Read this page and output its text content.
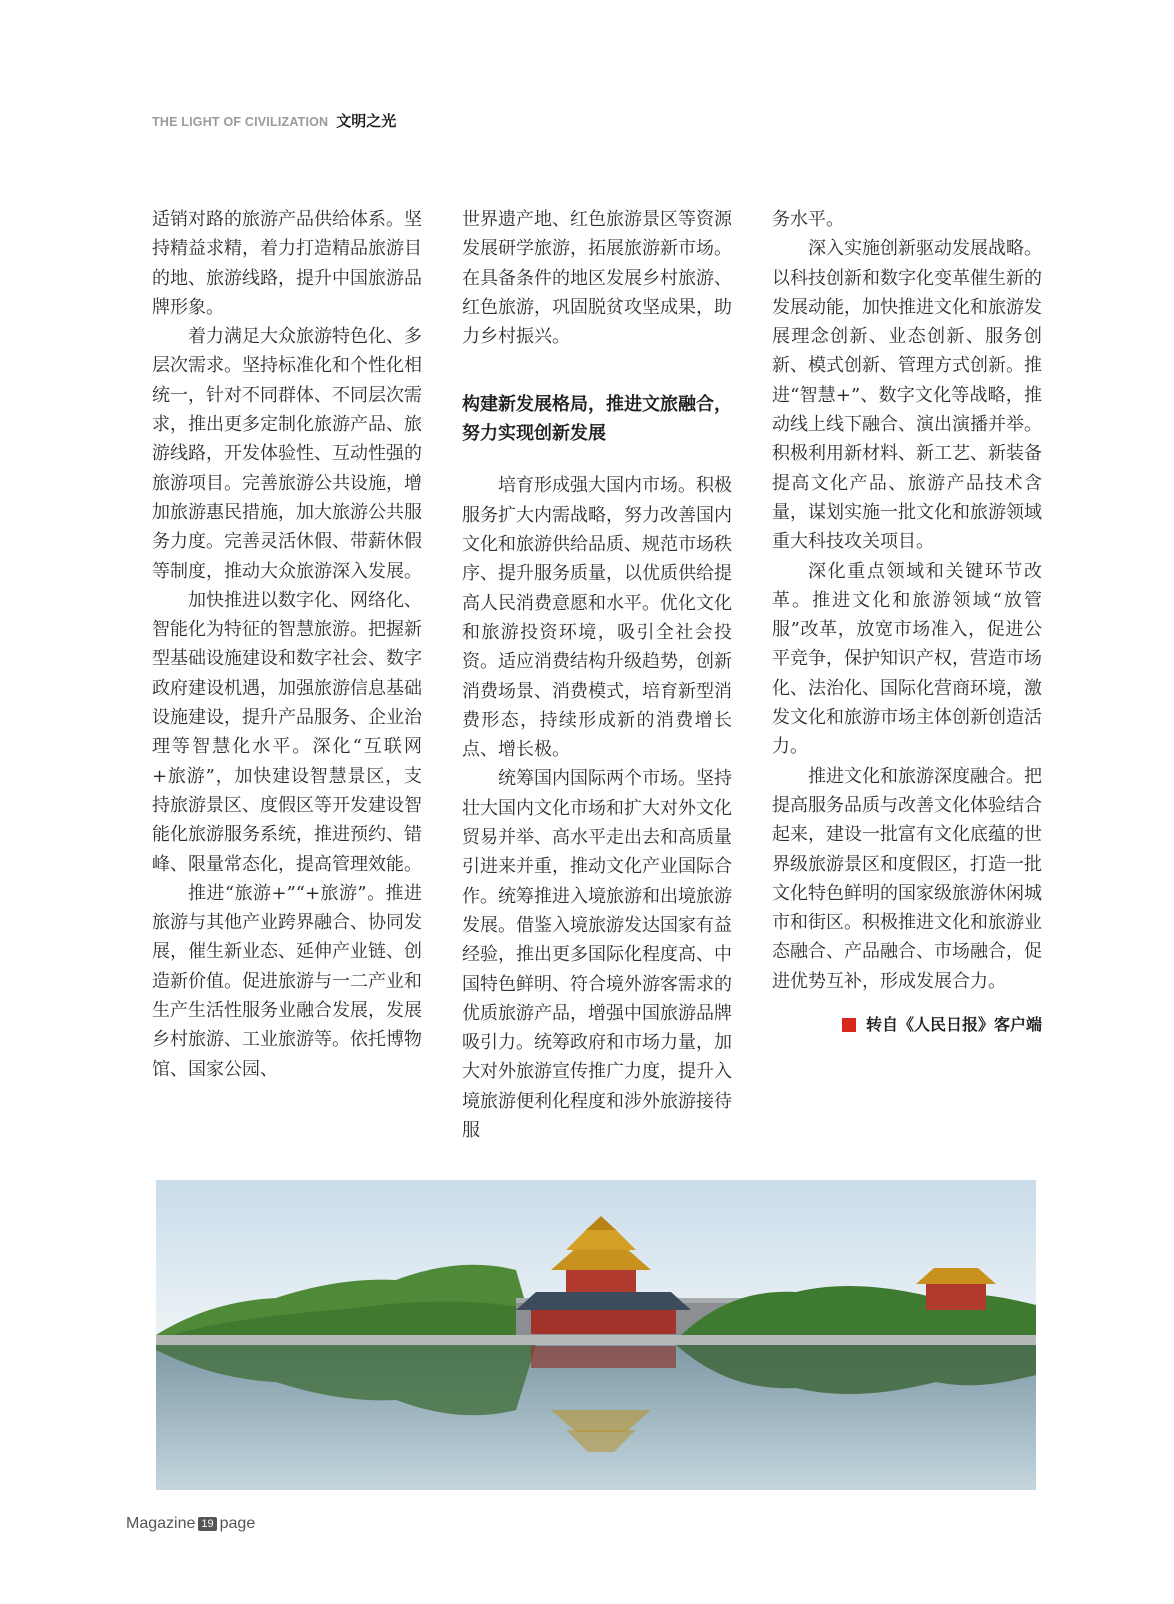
THE LIGHT OF CIVILIZATION 文明之光

适销对路的旅游产品供给体系。坚持精益求精，着力打造精品旅游目的地、旅游线路，提升中国旅游品牌形象。

着力满足大众旅游特色化、多层次需求。坚持标准化和个性化相统一，针对不同群体、不同层次需求，推出更多定制化旅游产品、旅游线路，开发体验性、互动性强的旅游项目。完善旅游公共设施，增加旅游惠民措施，加大旅游公共服务力度。完善灵活休假、带薪休假等制度，推动大众旅游深入发展。

加快推进以数字化、网络化、智能化为特征的智慧旅游。把握新型基础设施建设和数字社会、数字政府建设机遇，加强旅游信息基础设施建设，提升产品服务、企业治理等智慧化水平。深化“互联网+旅游”，加快建设智慧景区，支持旅游景区、度假区等开发建设智能化旅游服务系统，推进预约、错峰、限量常态化，提高管理效能。

推进“旅游+”“+旅游”。推进旅游与其他产业跨界融合、协同发展，催生新业态、延伸产业链、创造新价值。促进旅游与一二产业和生产生活性服务业融合发展，发展乡村旅游、工业旅游等。依托博物馆、国家公园、

世界遗产地、红色旅游景区等资源发展研学旅游，拓展旅游新市场。在具备条件的地区发展乡村旅游、红色旅游，巩固脱贫攻坚成果，助力乡村振兴。

构建新发展格局，推进文旅融合，
努力实现创新发展

培育形成强大国内市场。积极服务扩大内需战略，努力改善国内文化和旅游供给品质、规范市场秩序、提升服务质量，以优质供给提高人民消费意愿和水平。优化文化和旅游投资环境，吸引全社会投资。适应消费结构升级趋势，创新消费场景、消费模式，培育新型消费形态，持续形成新的消费增长点、增长极。

统筹国内国际两个市场。坚持壮大国内文化市场和扩大对外文化贸易并举、高水平走出去和高质量引进来并重，推动文化产业国际合作。统筹推进入境旅游和出境旅游发展。借鉴入境旅游发达国家有益经验，推出更多国际化程度高、中国特色鲜明、符合境外游客需求的优质旅游产品，增强中国旅游品牌吸引力。统筹政府和市场力量，加大对外旅游宣传推广力度，提升入境旅游便利化程度和涉外旅游接待服

务水平。

深入实施创新驱动发展战略。以科技创新和数字化变革催生新的发展动能，加快推进文化和旅游发展理念创新、业态创新、服务创新、模式创新、管理方式创新。推进“智慧+”、数字文化等战略，推动线上线下融合、演出演播并举。积极利用新材料、新工艺、新装备提高文化产品、旅游产品技术含量，谋划实施一批文化和旅游领域重大科技攻关项目。

深化重点领域和关键环节改革。推进文化和旅游领域“放管服”改革，放宽市场准入，促进公平竞争，保护知识产权，营造市场化、法治化、国际化营商环境，激发文化和旅游市场主体创新创造活力。

推进文化和旅游深度融合。把提高服务品质与改善文化体验结合起来，建设一批富有文化底蕴的世界级旅游景区和度假区，打造一批文化特色鲜明的国家级旅游休闲城市和街区。积极推进文化和旅游业态融合、产品融合、市场融合，促进优势互补，形成发展合力。

转自《人民日报》客户端
Magazine 19 page
